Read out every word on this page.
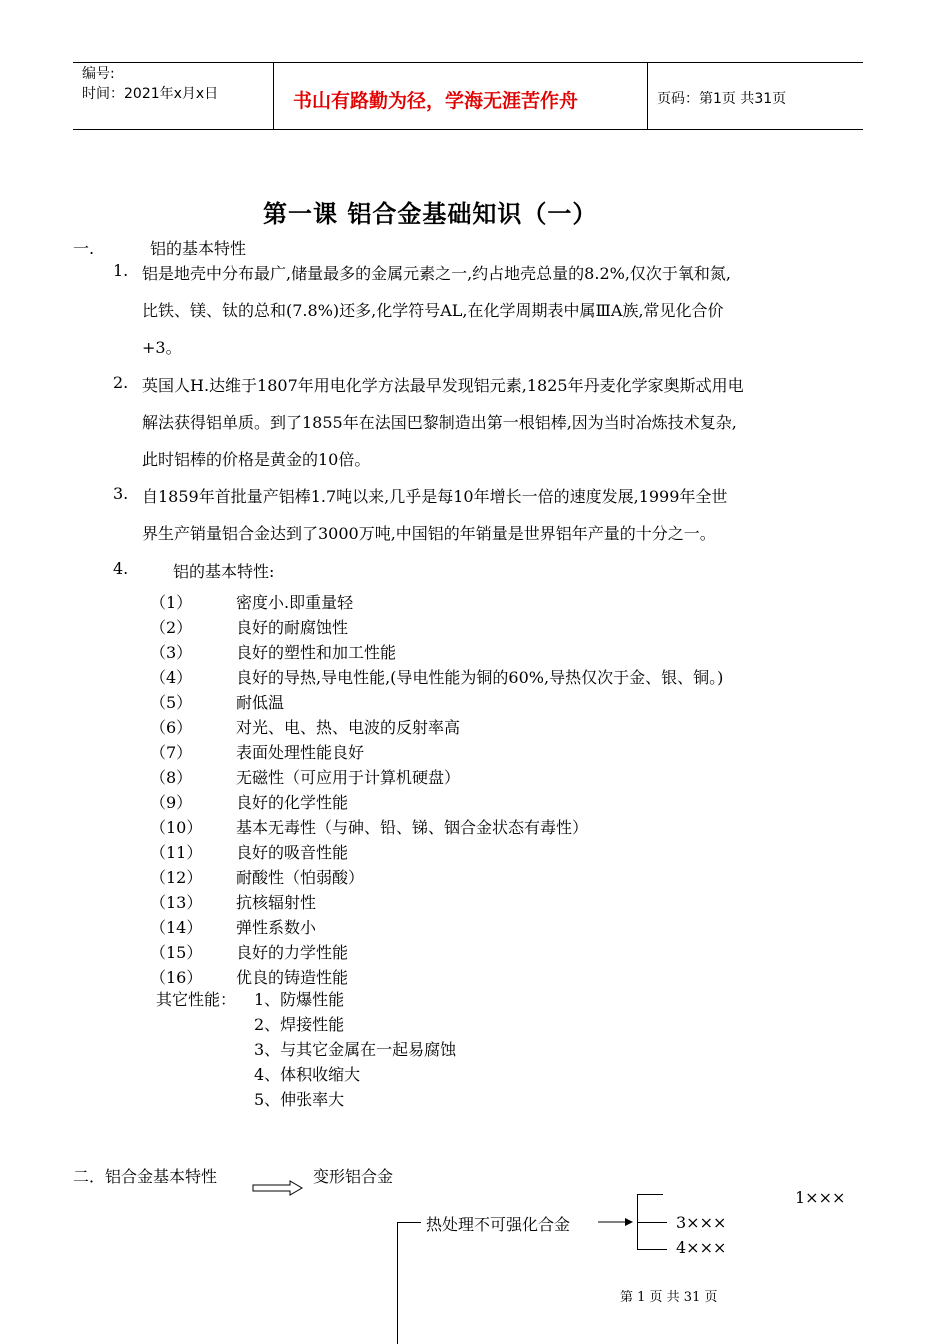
编号:
时间：2021年x月x日	书山有路勤为径，学海无涯苦作舟	页码：第1页 共31页
第一课 铝合金基础知识（一）
一.	铝的基本特性
1. 铝是地壳中分布最广,储量最多的金属元素之一,约占地壳总量的8.2%,仅次于氧和氮,
比铁、镁、钛的总和(7.8%)还多,化学符号AL,在化学周期表中属ⅢA族,常见化合价
+3。
2. 英国人H.达维于1807年用电化学方法最早发现铝元素,1825年丹麦化学家奥斯忒用电
解法获得铝单质。到了1855年在法国巴黎制造出第一根铝棒,因为当时冶炼技术复杂,
此时铝棒的价格是黄金的10倍。
3. 自1859年首批量产铝棒1.7吨以来,几乎是每10年增长一倍的速度发展,1999年全世
界生产销量铝合金达到了3000万吨,中国铝的年销量是世界铝年产量的十分之一。
4.	铝的基本特性:
（1）	密度小.即重量轻
（2）	良好的耐腐蚀性
（3）	良好的塑性和加工性能
（4）	良好的导热,导电性能,(导电性能为铜的60%,导热仅次于金、银、铜。)
（5）	耐低温
（6）	对光、电、热、电波的反射率高
（7）	表面处理性能良好
（8）	无磁性（可应用于计算机硬盘）
（9）	良好的化学性能
（10） 基本无毒性（与砷、铅、锑、铟合金状态有毒性）
（11） 良好的吸音性能
（12） 耐酸性（怕弱酸）
（13） 抗核辐射性
（14） 弹性系数小
（15） 良好的力学性能
（16） 优良的铸造性能
其它性能： 1、防爆性能
2、焊接性能
3、与其它金属在一起易腐蚀
4、体积收缩大
5、伸张率大
二．铝合金基本特性	变形铝合金
热处理不可强化合金
1×××
3×××
4×××
第 1 页 共 31 页
